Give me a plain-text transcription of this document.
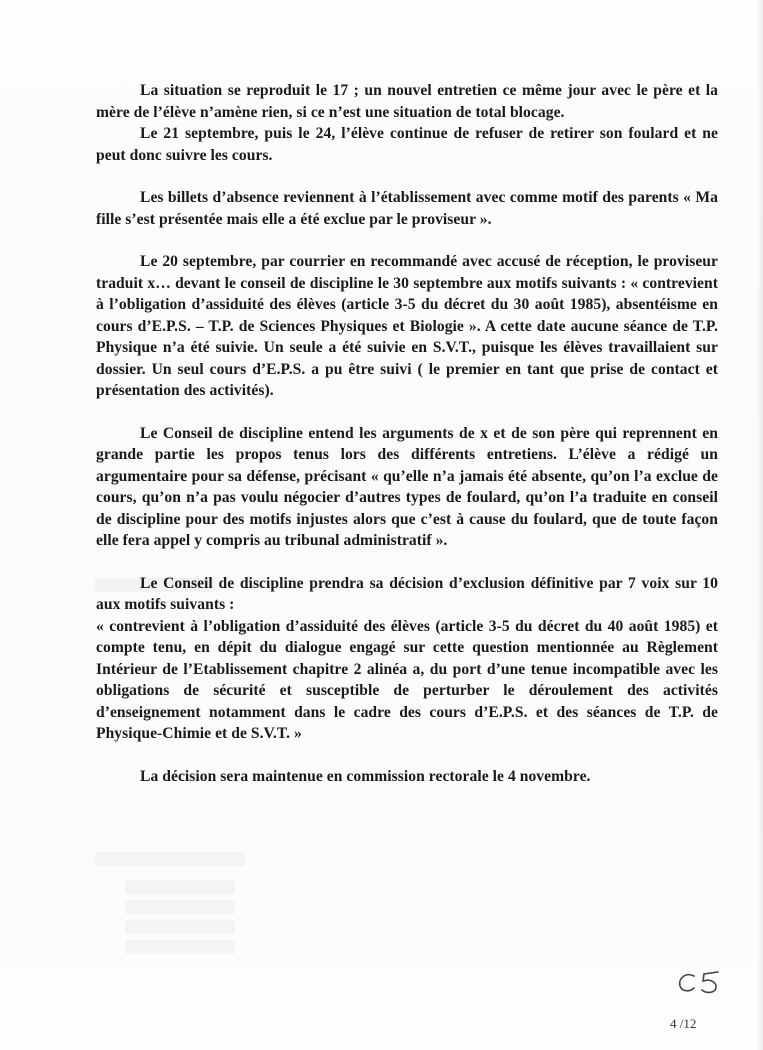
La situation se reproduit le 17 ; un nouvel entretien ce même jour avec le père et la mère de l’élève n’amène rien, si ce n’est une situation de total blocage.

Le 21 septembre, puis le 24, l’élève continue de refuser de retirer son foulard et ne peut donc suivre les cours.

Les billets d’absence reviennent à l’établissement avec comme motif des parents « Ma fille s’est présentée mais elle a été exclue par le proviseur ».

Le 20 septembre, par courrier en recommandé avec accusé de réception, le proviseur traduit x… devant le conseil de discipline le 30 septembre aux motifs suivants : « contrevient à l’obligation d’assiduité des élèves (article 3-5 du décret du 30 août 1985), absentéisme en cours d’E.P.S. – T.P. de Sciences Physiques et Biologie ». A cette date aucune séance de T.P. Physique n’a été suivie. Un seule a été suivie en S.V.T., puisque les élèves travaillaient sur dossier. Un seul cours d’E.P.S. a pu être suivi ( le premier en tant que prise de contact et présentation des activités).

Le Conseil de discipline entend les arguments de x et de son père qui reprennent en grande partie les propos tenus lors des différents entretiens. L’élève a rédigé un argumentaire pour sa défense, précisant « qu’elle n’a jamais été absente, qu’on l’a exclue de cours, qu’on n’a pas voulu négocier d’autres types de foulard, qu’on l’a traduite en conseil de discipline pour des motifs injustes alors que c’est à cause du foulard, que de toute façon elle fera appel y compris au tribunal administratif ».

Le Conseil de discipline prendra sa décision d’exclusion définitive par 7 voix sur 10 aux motifs suivants :

« contrevient à l’obligation d’assiduité des élèves (article 3-5 du décret du 40 août 1985) et compte tenu, en dépit du dialogue engagé sur cette question mentionnée au Règlement Intérieur de l’Etablissement chapitre 2 alinéa a, du port d’une tenue incompatible avec les obligations de sécurité et susceptible de perturber le déroulement des activités d’enseignement notamment dans le cadre des cours d’E.P.S. et des séances de T.P. de Physique-Chimie et de S.V.T. »

La décision sera maintenue en commission rectorale le 4 novembre.

4 /12
